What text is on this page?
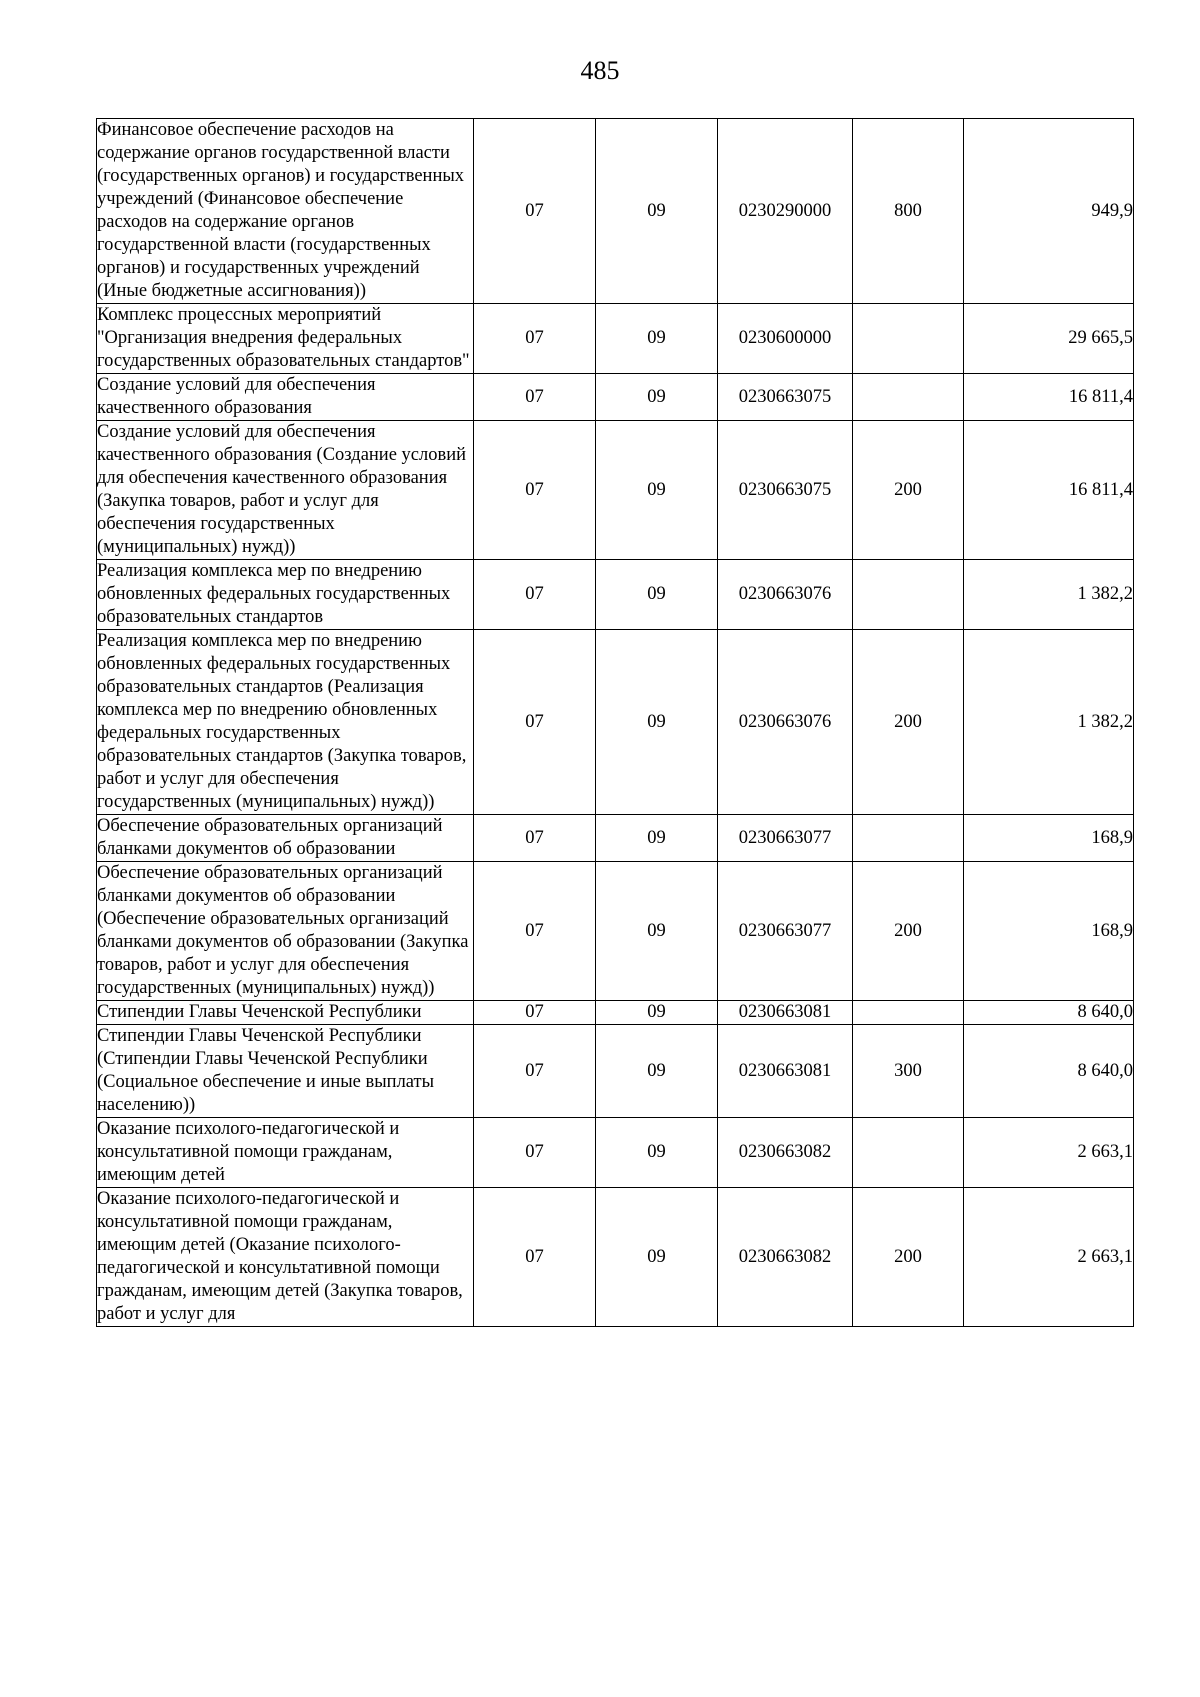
485
Финансовое обеспечение расходов на содержание органов государственной власти (государственных органов) и государственных учреждений (Финансовое обеспечение расходов на содержание органов государственной власти (государственных органов) и государственных учреждений (Иные бюджетные ассигнования))	07	09	0230290000	800	949,9
Комплекс процессных мероприятий "Организация внедрения федеральных государственных образовательных стандартов"	07	09	0230600000		29 665,5
Создание условий для обеспечения качественного образования	07	09	0230663075		16 811,4
Создание условий для обеспечения качественного образования (Создание условий для обеспечения качественного образования (Закупка товаров, работ и услуг для обеспечения государственных (муниципальных) нужд))	07	09	0230663075	200	16 811,4
Реализация комплекса мер по внедрению обновленных федеральных государственных образовательных стандартов	07	09	0230663076		1 382,2
Реализация комплекса мер по внедрению обновленных федеральных государственных образовательных стандартов (Реализация комплекса мер по внедрению обновленных федеральных государственных образовательных стандартов (Закупка товаров, работ и услуг для обеспечения государственных (муниципальных) нужд))	07	09	0230663076	200	1 382,2
Обеспечение образовательных организаций бланками документов об образовании	07	09	0230663077		168,9
Обеспечение образовательных организаций бланками документов об образовании (Обеспечение образовательных организаций бланками документов об образовании (Закупка товаров, работ и услуг для обеспечения государственных (муниципальных) нужд))	07	09	0230663077	200	168,9
Стипендии Главы Чеченской Республики	07	09	0230663081		8 640,0
Стипендии Главы Чеченской Республики (Стипендии Главы Чеченской Республики (Социальное обеспечение и иные выплаты населению))	07	09	0230663081	300	8 640,0
Оказание психолого-педагогической и консультативной помощи гражданам, имеющим детей	07	09	0230663082		2 663,1
Оказание психолого-педагогической и консультативной помощи гражданам, имеющим детей (Оказание психолого-педагогической и консультативной помощи гражданам, имеющим детей (Закупка товаров, работ и услуг для	07	09	0230663082	200	2 663,1
